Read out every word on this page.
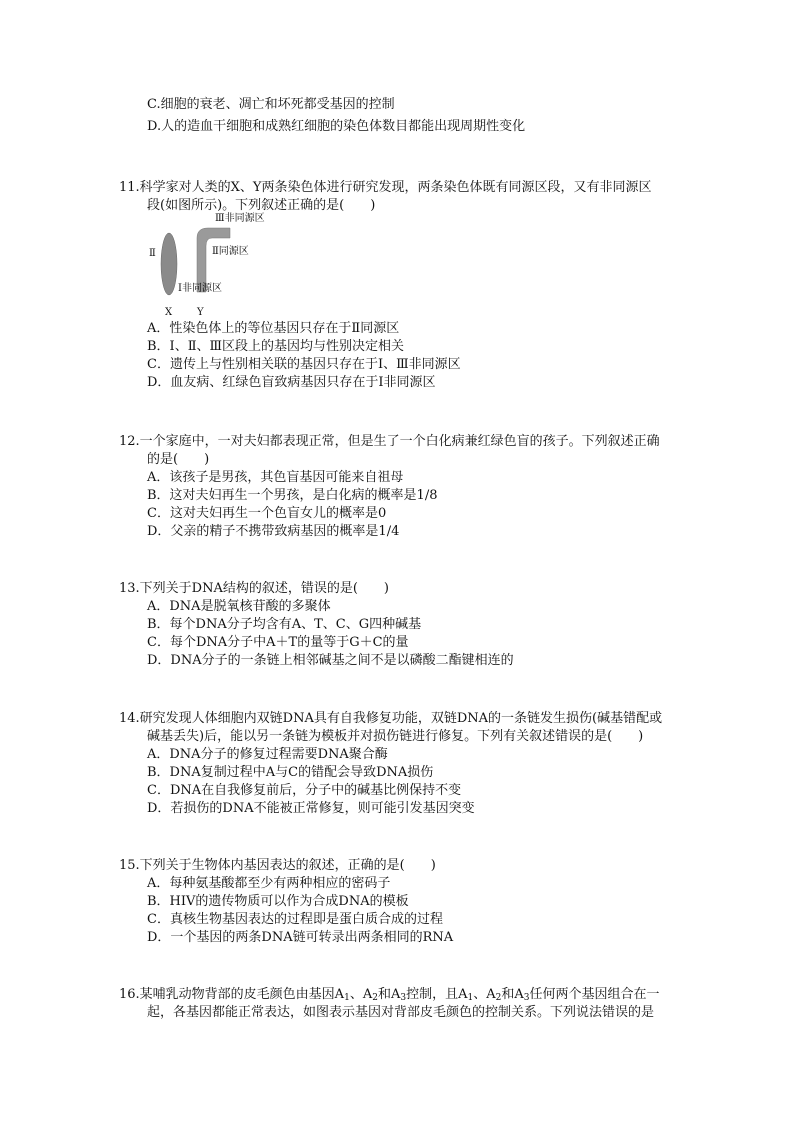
C.细胞的衰老、凋亡和坏死都受基因的控制
D.人的造血干细胞和成熟红细胞的染色体数目都能出现周期性变化
11.科学家对人类的X、Y两条染色体进行研究发现，两条染色体既有同源区段，又有非同源区
段(如图所示)。下列叙述正确的是(　　)
Ⅲ非同源区
Ⅱ	Ⅱ同源区
Ⅰ非同源区
X Y
A．性染色体上的等位基因只存在于Ⅱ同源区
B．Ⅰ、Ⅱ、Ⅲ区段上的基因均与性别决定相关
C．遗传上与性别相关联的基因只存在于Ⅰ、Ⅲ非同源区
D．血友病、红绿色盲致病基因只存在于Ⅰ非同源区
12.一个家庭中，一对夫妇都表现正常，但是生了一个白化病兼红绿色盲的孩子。下列叙述正确
的是(　　)
A．该孩子是男孩，其色盲基因可能来自祖母
B．这对夫妇再生一个男孩，是白化病的概率是1/8
C．这对夫妇再生一个色盲女儿的概率是0
D．父亲的精子不携带致病基因的概率是1/4
13.下列关于DNA结构的叙述，错误的是(　　)
A．DNA是脱氧核苷酸的多聚体
B．每个DNA分子均含有A、T、C、G四种碱基
C．每个DNA分子中A＋T的量等于G＋C的量
D．DNA分子的一条链上相邻碱基之间不是以磷酸二酯键相连的
14.研究发现人体细胞内双链DNA具有自我修复功能，双链DNA的一条链发生损伤(碱基错配或
碱基丢失)后，能以另一条链为模板并对损伤链进行修复。下列有关叙述错误的是(　　)
A．DNA分子的修复过程需要DNA聚合酶
B．DNA复制过程中A与C的错配会导致DNA损伤
C．DNA在自我修复前后，分子中的碱基比例保持不变
D．若损伤的DNA不能被正常修复，则可能引发基因突变
15.下列关于生物体内基因表达的叙述，正确的是(　　)
A．每种氨基酸都至少有两种相应的密码子
B．HIV的遗传物质可以作为合成DNA的模板
C．真核生物基因表达的过程即是蛋白质合成的过程
D．一个基因的两条DNA链可转录出两条相同的RNA
16.某哺乳动物背部的皮毛颜色由基因$A_1$、$A_2$和$A_3$控制，且$A_1$、$A_2$和$A_3$任何两个基因组合在一
起，各基因都能正常表达，如图表示基因对背部皮毛颜色的控制关系。下列说法错误的是
